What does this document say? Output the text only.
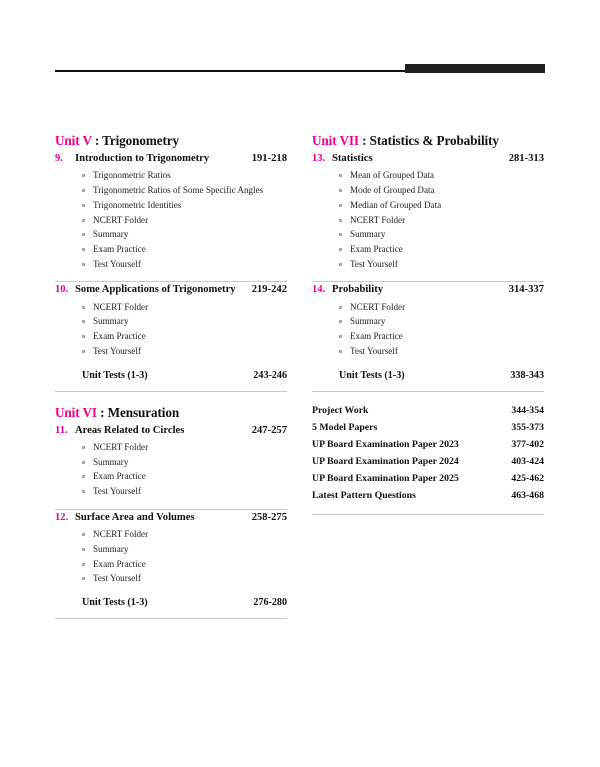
Unit V : Trigonometry
9.	Introduction to Trigonometry	191-218
Trigonometric Ratios
Trigonometric Ratios of Some Specific Angles
Trigonometric Identities
NCERT Folder
Summary
Exam Practice
Test Yourself
10. Some Applications of Trigonometry	219-242
NCERT Folder
Summary
Exam Practice
Test Yourself
Unit Tests (1-3)	243-246
Unit VI : Mensuration
11. Areas Related to Circles	247-257
NCERT Folder
Summary
Exam Practice
Test Yourself
12. Surface Area and Volumes	258-275
NCERT Folder
Summary
Exam Practice
Test Yourself
Unit Tests (1-3)	276-280
Unit VII : Statistics & Probability
13. Statistics	281-313
Mean of Grouped Data
Mode of Grouped Data
Median of Grouped Data
NCERT Folder
Summary
Exam Practice
Test Yourself
14. Probability	314-337
NCERT Folder
Summary
Exam Practice
Test Yourself
Unit Tests (1-3)	338-343
Project Work	344-354
5 Model Papers	355-373
UP Board Examination Paper 2023	377-402
UP Board Examination Paper 2024	403-424
UP Board Examination Paper 2025	425-462
Latest Pattern Questions	463-468
